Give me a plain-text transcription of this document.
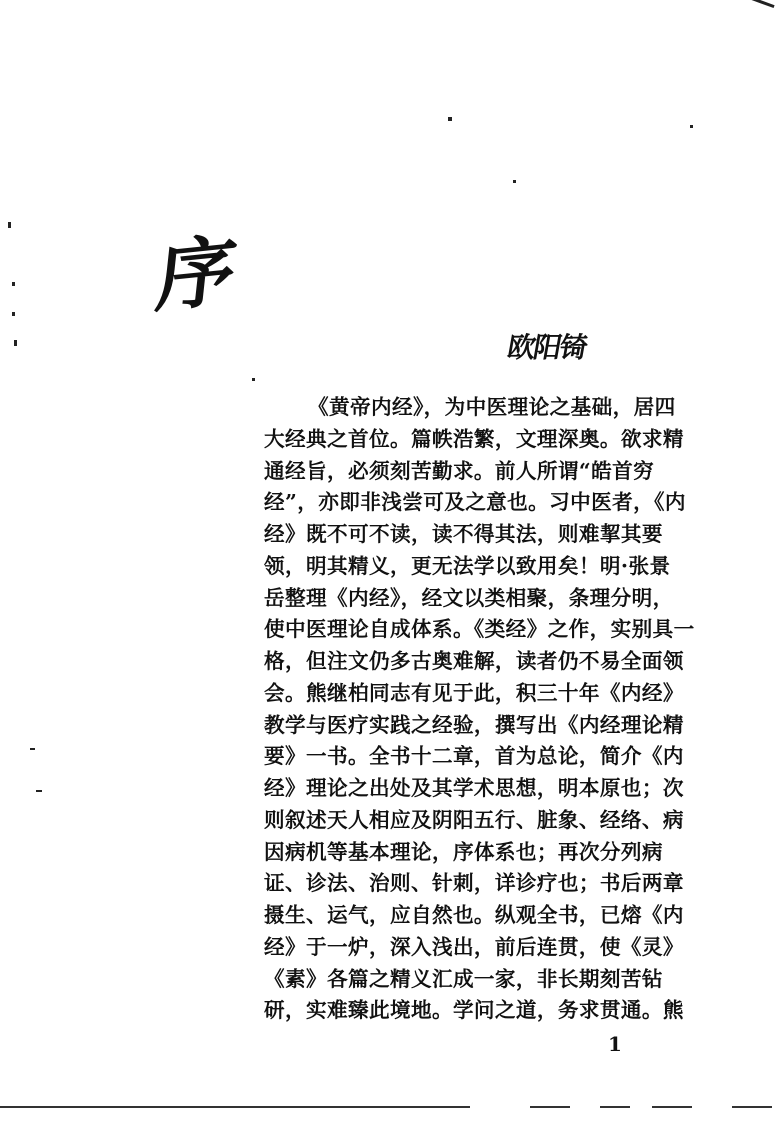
序
欧阳锜
《黄帝内经》，为中医理论之基础，居四
大经典之首位。篇帙浩繁，文理深奥。欲求精
通经旨，必须刻苦勤求。前人所谓“皓首穷
经”，亦即非浅尝可及之意也。习中医者，《内
经》既不可不读，读不得其法，则难挈其要
领，明其精义，更无法学以致用矣！明·张景
岳整理《内经》，经文以类相聚，条理分明，
使中医理论自成体系。《类经》之作，实别具一
格，但注文仍多古奥难解，读者仍不易全面领
会。熊继柏同志有见于此，积三十年《内经》
教学与医疗实践之经验，撰写出《内经理论精
要》一书。全书十二章，首为总论，简介《内
经》理论之出处及其学术思想，明本原也；次
则叙述天人相应及阴阳五行、脏象、经络、病
因病机等基本理论，序体系也；再次分列病
证、诊法、治则、针刺，详诊疗也；书后两章
摄生、运气，应自然也。纵观全书，已熔《内
经》于一炉，深入浅出，前后连贯，使《灵》
《素》各篇之精义汇成一家，非长期刻苦钻
研，实难臻此境地。学问之道，务求贯通。熊
1
